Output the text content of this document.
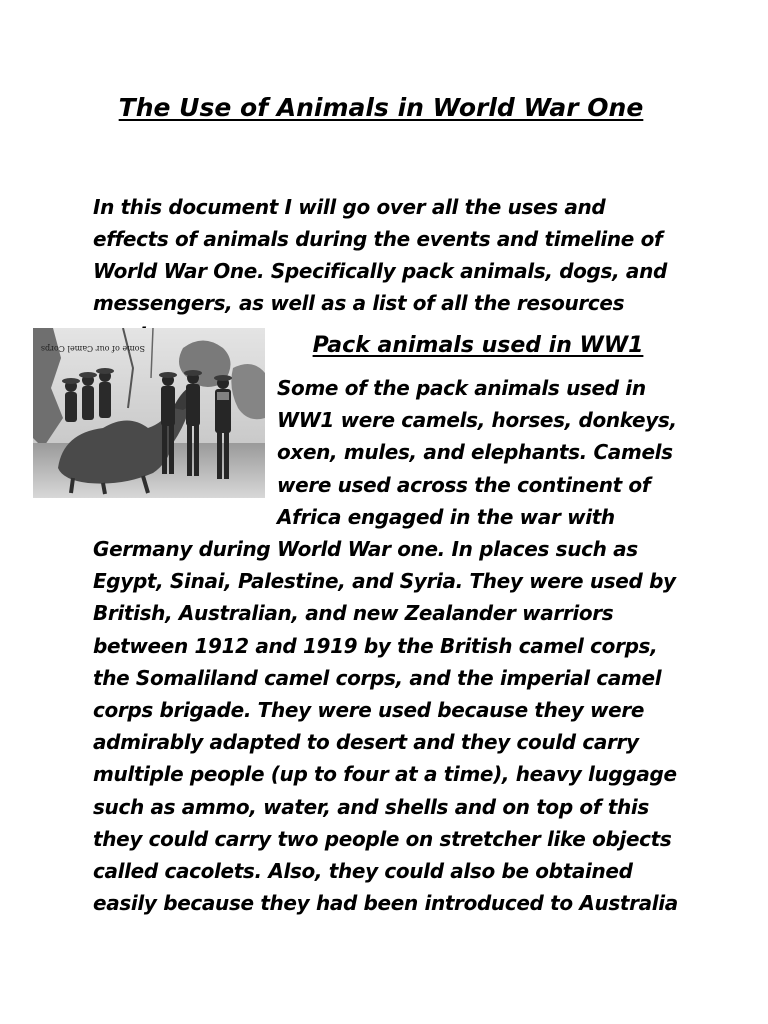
The Use of Animals in World War One

In this document I will go over all the uses and effects of animals during the events and timeline of World War One. Specifically pack animals, dogs, and messengers, as well as a list of all the resources

Some of our Camel Corps	Pack animals used in WW1

Some of the pack animals used in WW1 were camels, horses, donkeys, oxen, mules, and elephants. Camels were used across the continent of Africa engaged in the war with Germany during World War one. In places such as Egypt, Sinai, Palestine, and Syria. They were used by British, Australian, and new Zealander warriors between 1912 and 1919 by the British camel corps, the Somaliland camel corps, and the imperial camel corps brigade. They were used because they were admirably adapted to desert and they could carry multiple people (up to four at a time), heavy luggage such as ammo, water, and shells and on top of this they could carry two people on stretcher like objects called cacolets. Also, they could also be obtained easily because they had been introduced to Australia
